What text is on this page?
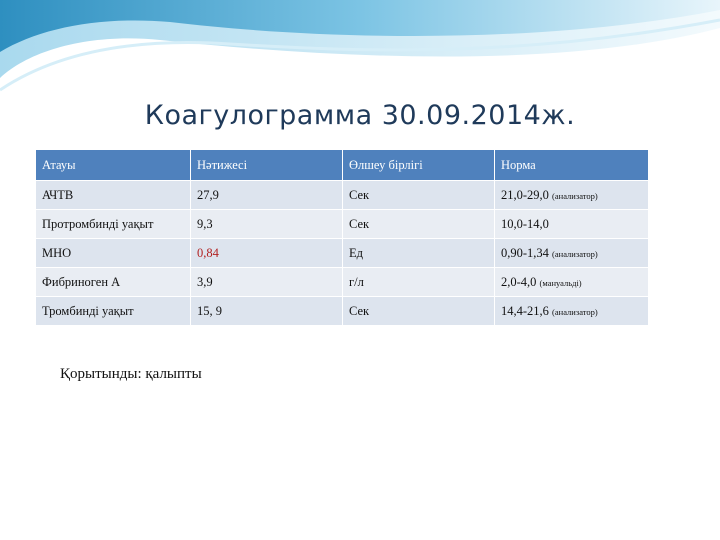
Коагулограмма 30.09.2014ж.
Атауы	Нәтижесі	Өлшеу бірлігі	Норма
АЧТВ	27,9	Сек	21,0-29,0 (анализатор)
Протромбинді уақыт	9,3	Сек	10,0-14,0
МНО	0,84	Ед	0,90-1,34 (анализатор)
Фибриноген А	3,9	г/л	2,0-4,0 (мануальді)
Тромбинді уақыт	15, 9	Сек	14,4-21,6 (анализатор)
Қорытынды: қалыпты
